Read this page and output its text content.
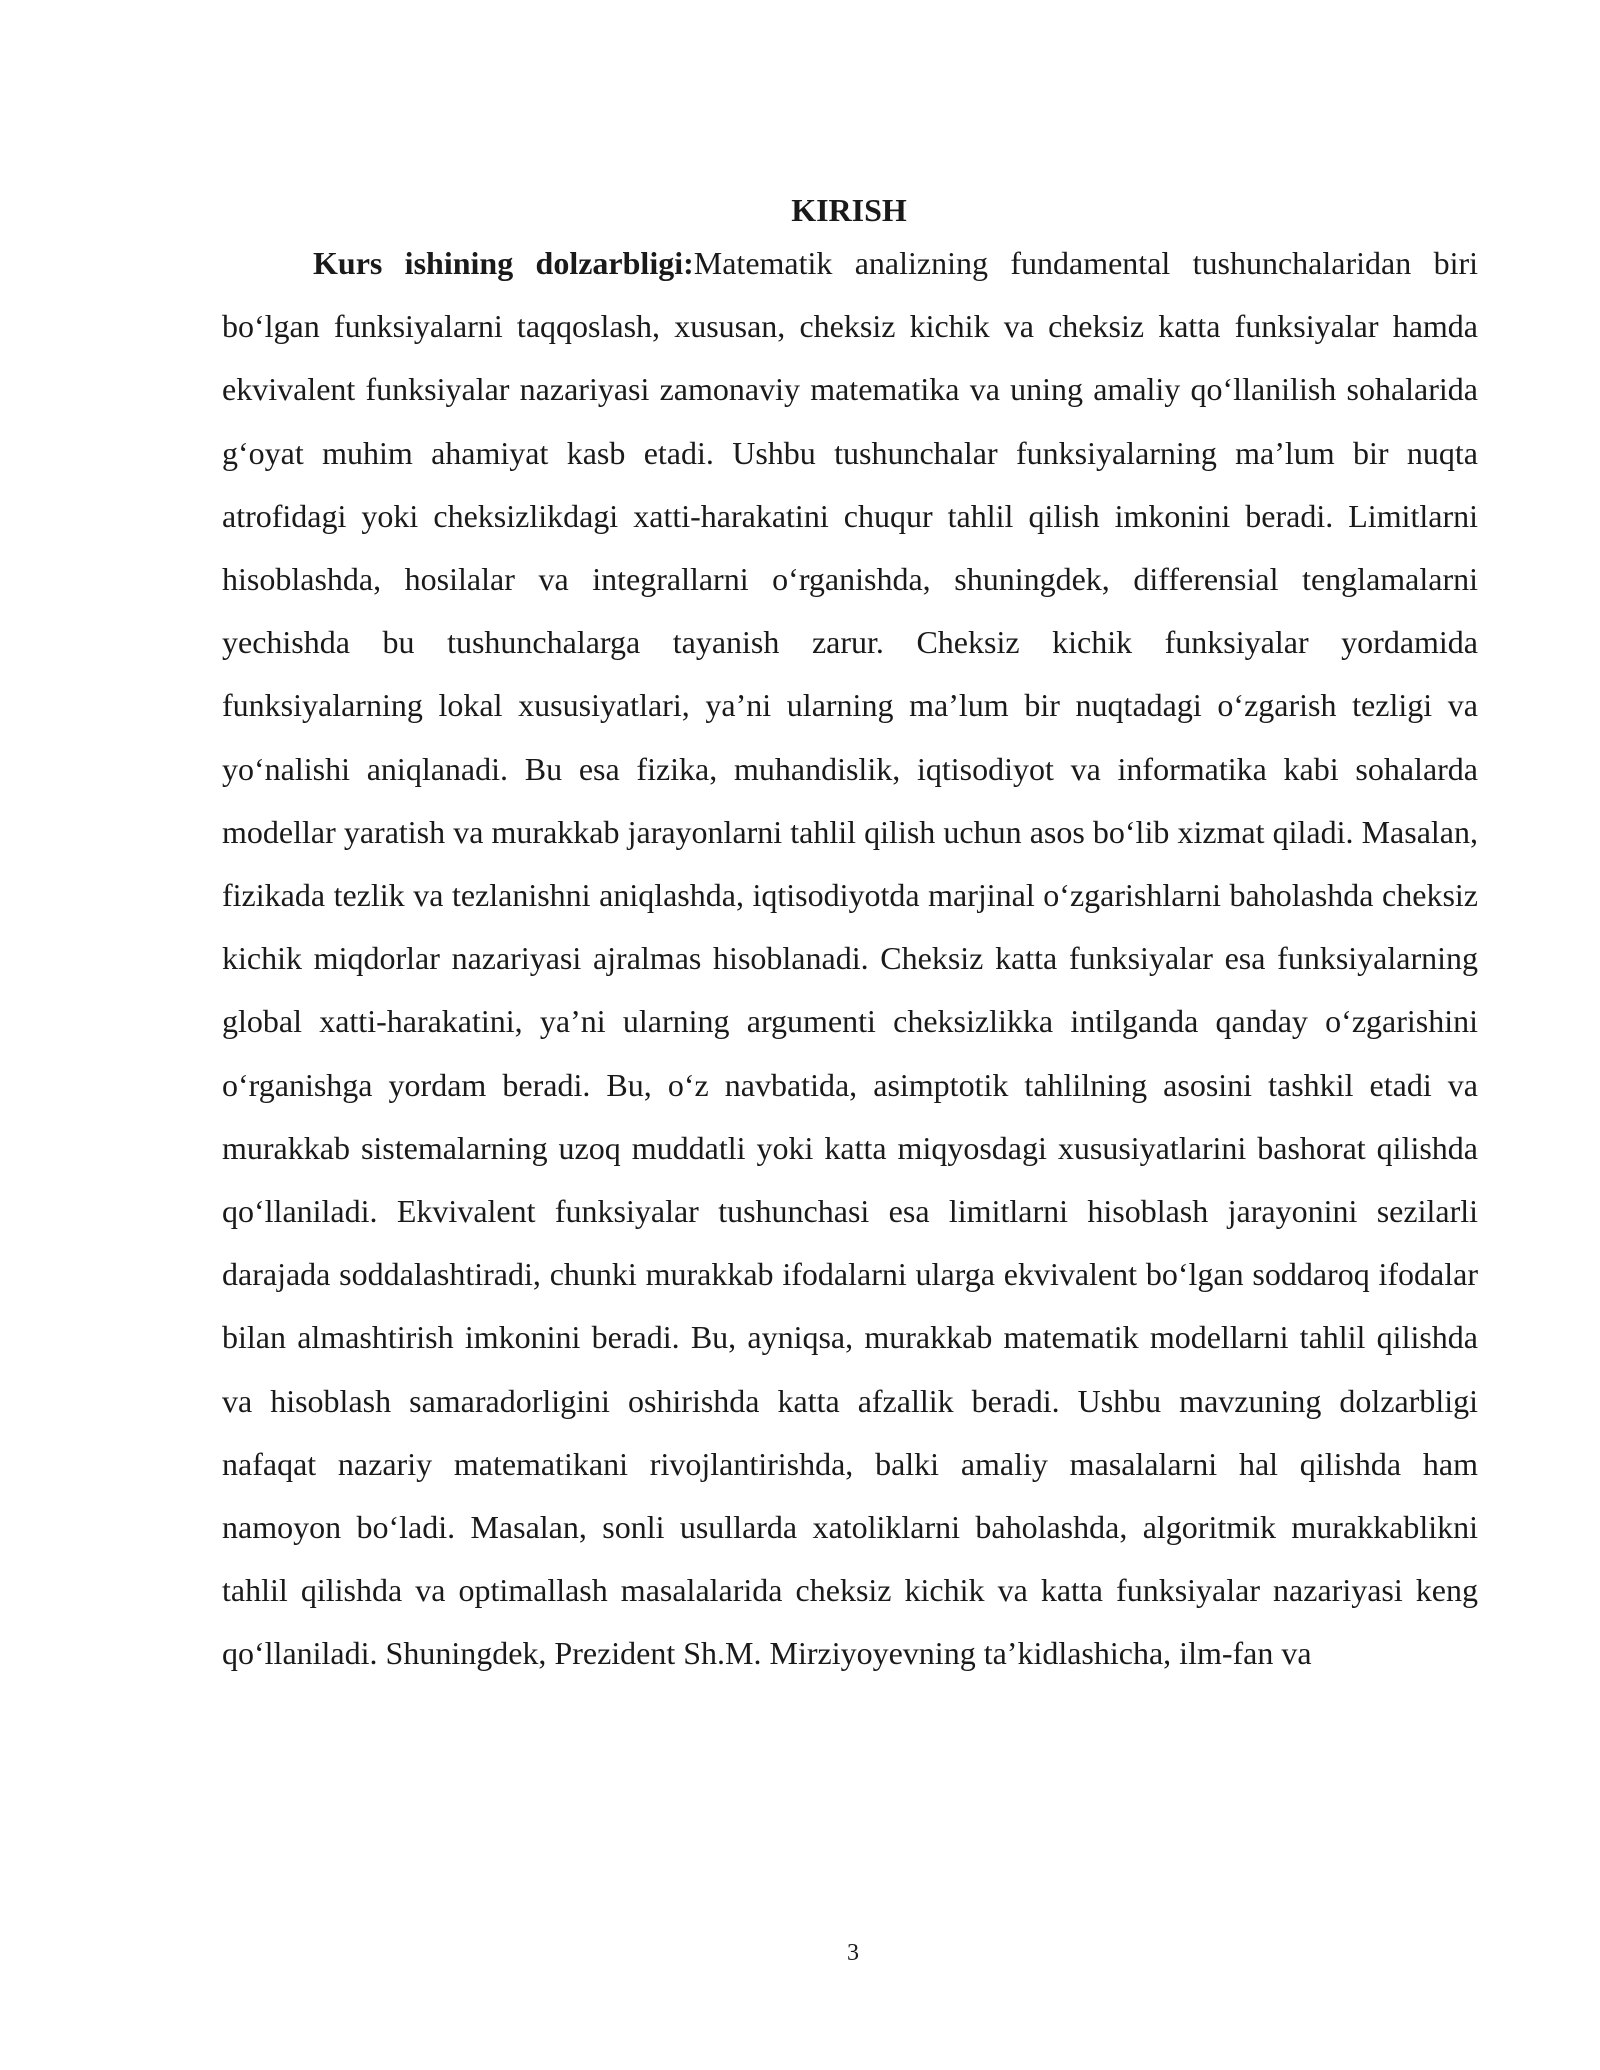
KIRISH

Kurs ishining dolzarbligi:Matematik analizning fundamental tushunchalaridan biri bo‘lgan funksiyalarni taqqoslash, xususan, cheksiz kichik va cheksiz katta funksiyalar hamda ekvivalent funksiyalar nazariyasi zamonaviy matematika va uning amaliy qo‘llanilish sohalarida g‘oyat muhim ahamiyat kasb etadi. Ushbu tushunchalar funksiyalarning ma’lum bir nuqta atrofidagi yoki cheksizlikdagi xatti-harakatini chuqur tahlil qilish imkonini beradi. Limitlarni hisoblashda, hosilalar va integrallarni o‘rganishda, shuningdek, differensial tenglamalarni yechishda bu tushunchalarga tayanish zarur. Cheksiz kichik funksiyalar yordamida funksiyalarning lokal xususiyatlari, ya’ni ularning ma’lum bir nuqtadagi o‘zgarish tezligi va yo‘nalishi aniqlanadi. Bu esa fizika, muhandislik, iqtisodiyot va informatika kabi sohalarda modellar yaratish va murakkab jarayonlarni tahlil qilish uchun asos bo‘lib xizmat qiladi. Masalan, fizikada tezlik va tezlanishni aniqlashda, iqtisodiyotda marjinal o‘zgarishlarni baholashda cheksiz kichik miqdorlar nazariyasi ajralmas hisoblanadi. Cheksiz katta funksiyalar esa funksiyalarning global xatti-harakatini, ya’ni ularning argumenti cheksizlikka intilganda qanday o‘zgarishini o‘rganishga yordam beradi. Bu, o‘z navbatida, asimptotik tahlilning asosini tashkil etadi va murakkab sistemalarning uzoq muddatli yoki katta miqyosdagi xususiyatlarini bashorat qilishda qo‘llaniladi. Ekvivalent funksiyalar tushunchasi esa limitlarni hisoblash jarayonini sezilarli darajada soddalashtiradi, chunki murakkab ifodalarni ularga ekvivalent bo‘lgan soddaroq ifodalar bilan almashtirish imkonini beradi. Bu, ayniqsa, murakkab matematik modellarni tahlil qilishda va hisoblash samaradorligini oshirishda katta afzallik beradi. Ushbu mavzuning dolzarbligi nafaqat nazariy matematikani rivojlantirishda, balki amaliy masalalarni hal qilishda ham namoyon bo‘ladi. Masalan, sonli usullarda xatoliklarni baholashda, algoritmik murakkablikni tahlil qilishda va optimallash masalalarida cheksiz kichik va katta funksiyalar nazariyasi keng qo‘llaniladi. Shuningdek, Prezident Sh.M. Mirziyoyevning ta’kidlashicha, ilm-fan va

3
